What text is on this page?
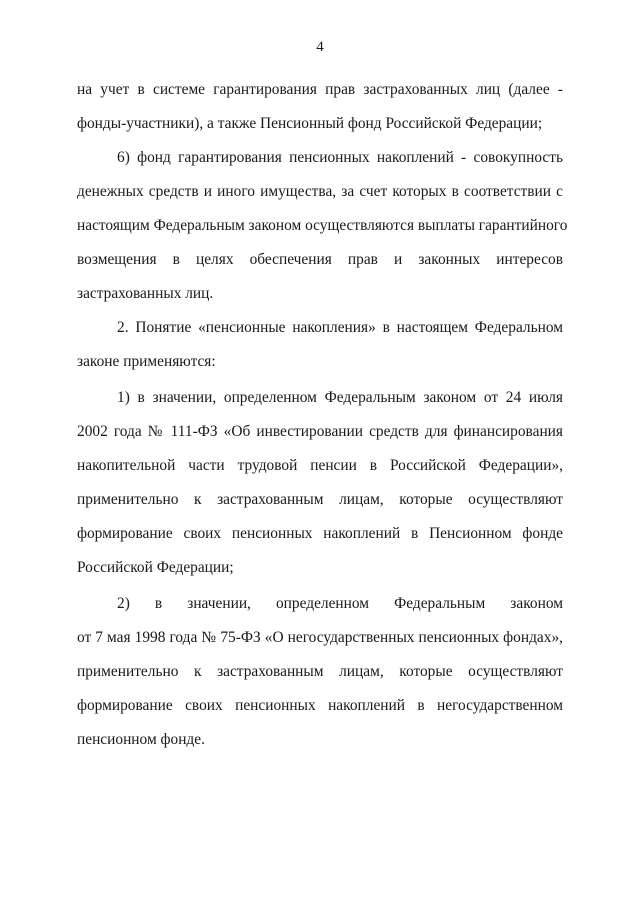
4
на учет в системе гарантирования прав застрахованных лиц (далее -
фонды-участники), а также Пенсионный фонд Российской Федерации;
6) фонд гарантирования пенсионных накоплений - совокупность
денежных средств и иного имущества, за счет которых в соответствии с
настоящим Федеральным законом осуществляются выплаты гарантийного
возмещения в целях обеспечения прав и законных интересов
застрахованных лиц.
2. Понятие «пенсионные накопления» в настоящем Федеральном
законе применяются:
1) в значении, определенном Федеральным законом от 24 июля
2002 года № 111-ФЗ «Об инвестировании средств для финансирования
накопительной части трудовой пенсии в Российской Федерации»,
применительно к застрахованным лицам, которые осуществляют
формирование своих пенсионных накоплений в Пенсионном фонде
Российской Федерации;
2) в значении, определенном Федеральным законом
от 7 мая 1998 года № 75-ФЗ «О негосударственных пенсионных фондах»,
применительно к застрахованным лицам, которые осуществляют
формирование своих пенсионных накоплений в негосударственном
пенсионном фонде.
